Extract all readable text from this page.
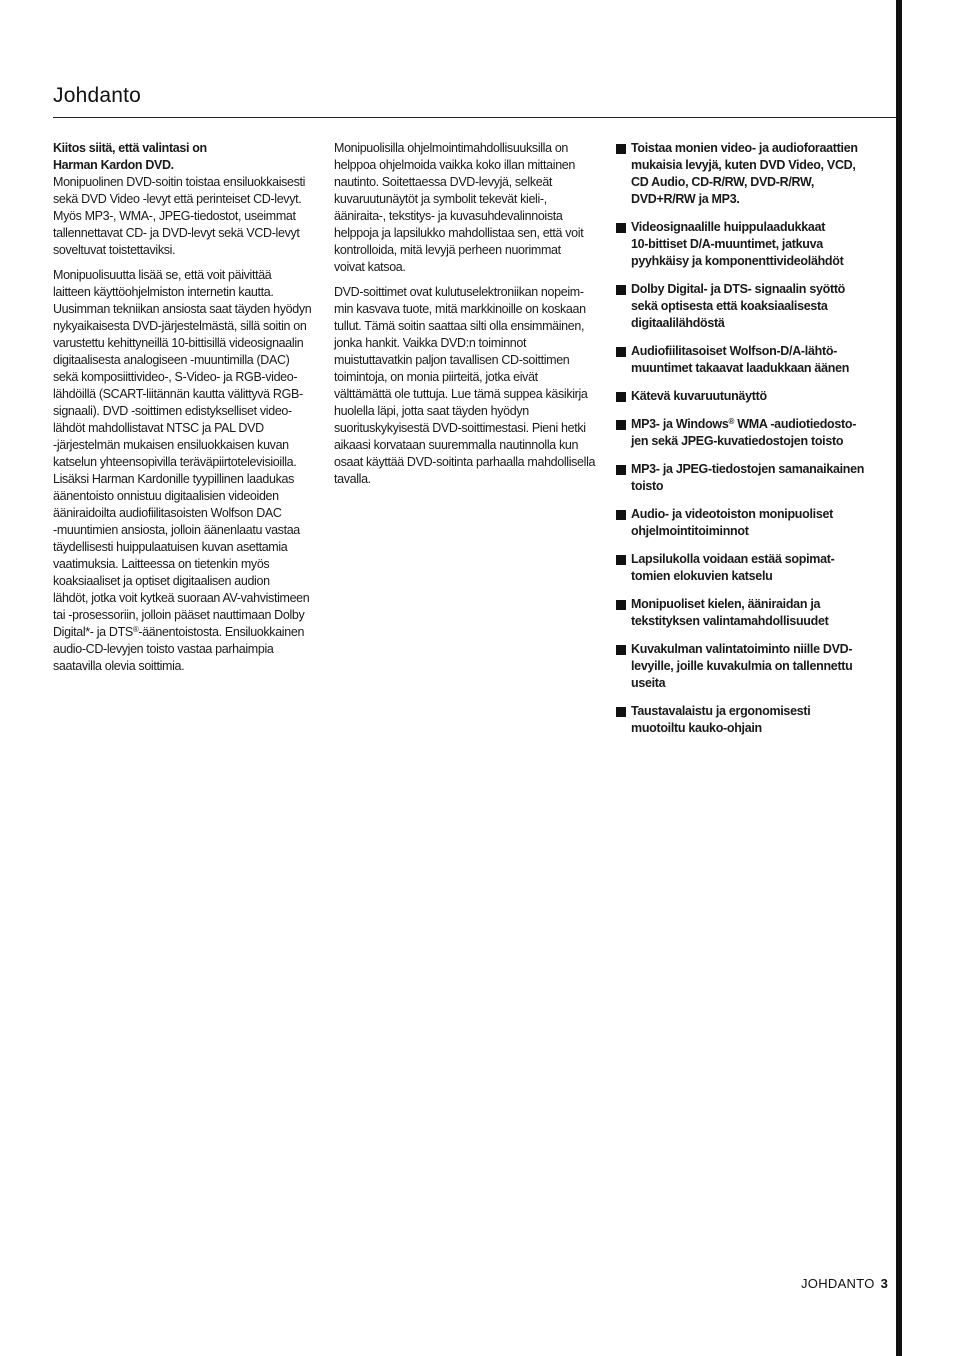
Johdanto
Kiitos siitä, että valintasi on
Harman Kardon DVD.
Monipuolinen DVD-soitin toistaa ensiluokkaisesti
sekä DVD Video -levyt että perinteiset CD-levyt.
Myös MP3-, WMA-, JPEG-tiedostot, useimmat
tallennettavat CD- ja DVD-levyt sekä VCD-levyt
soveltuvat toistettaviksi.
Monipuolisuutta lisää se, että voit päivittää
laitteen käyttöohjelmiston internetin kautta.
Uusimman tekniikan ansiosta saat täyden hyödyn
nykyaikaisesta DVD-järjestelmästä, sillä soitin on
varustettu kehittyneillä 10-bittisillä videosignaalin
digitaalisesta analogiseen -muuntimilla (DAC)
sekä komposiittivideo-, S-Video- ja RGB-video-
lähdöillä (SCART-liitännän kautta välittyvä RGB-
signaali). DVD -soittimen edistykselliset video-
lähdöt mahdollistavat NTSC ja PAL DVD
-järjestelmän mukaisen ensiluokkaisen kuvan
katselun yhteensopivilla teräväpiirtotelevisioilla.
Lisäksi Harman Kardonille tyypillinen laadukas
äänentoisto onnistuu digitaalisien videoiden
ääniraidoilta audiofiilitasoisten Wolfson DAC
-muuntimien ansiosta, jolloin äänenlaatu vastaa
täydellisesti huippulaatuisen kuvan asettamia
vaatimuksia. Laitteessa on tietenkin myös
koaksiaaliset ja optiset digitaalisen audion
lähdöt, jotka voit kytkeä suoraan AV-vahvistimeen
tai -prosessoriin, jolloin pääset nauttimaan Dolby
Digital*- ja DTS®-äänentoistosta. Ensiluokkainen
audio-CD-levyjen toisto vastaa parhaimpia
saatavilla olevia soittimia.
Monipuolisilla ohjelmointimahdollisuuksilla on
helppoa ohjelmoida vaikka koko illan mittainen
nautinto. Soitettaessa DVD-levyjä, selkeät
kuvaruutunäytöt ja symbolit tekevät kieli-,
ääniraita-, tekstitys- ja kuvasuhdevalinnoista
helppoja ja lapsilukko mahdollistaa sen, että voit
kontrolloida, mitä levyjä perheen nuorimmat
voivat katsoa.
DVD-soittimet ovat kulutuselektroniikan nopeim-
min kasvava tuote, mitä markkinoille on koskaan
tullut. Tämä soitin saattaa silti olla ensimmäinen,
jonka hankit. Vaikka DVD:n toiminnot
muistuttavatkin paljon tavallisen CD-soittimen
toimintoja, on monia piirteitä, jotka eivät
välttämättä ole tuttuja. Lue tämä suppea käsikirja
huolella läpi, jotta saat täyden hyödyn
suorituskykyisestä DVD-soittimestasi. Pieni hetki
aikaasi korvataan suuremmalla nautinnolla kun
osaat käyttää DVD-soitinta parhaalla mahdollisella
tavalla.
Toistaa monien video- ja audioforaattien
mukaisia levyjä, kuten DVD Video, VCD,
CD Audio, CD-R/RW, DVD-R/RW,
DVD+R/RW ja MP3.
Videosignaalille huippulaadukkaat
10-bittiset D/A-muuntimet, jatkuva
pyyhkäisy ja komponenttivideolähdöt
Dolby Digital- ja DTS- signaalin syöttö
sekä optisesta että koaksiaalisesta
digitaalilähdöstä
Audiofiilitasoiset Wolfson-D/A-lähtö-
muuntimet takaavat laadukkaan äänen
Kätevä kuvaruutunäyttö
MP3- ja Windows® WMA -audiotiedosto-
jen sekä JPEG-kuvatiedostojen toisto
MP3- ja JPEG-tiedostojen samanaikainen
toisto
Audio- ja videotoiston monipuoliset
ohjelmointitoiminnot
Lapsilukolla voidaan estää sopimat-
tomien elokuvien katselu
Monipuoliset kielen, ääniraidan ja
tekstityksen valintamahdollisuudet
Kuvakulman valintatoiminto niille DVD-
levyille, joille kuvakulmia on tallennettu
useita
Taustavalaistu ja ergonomisesti
muotoiltu kauko-ohjain
JOHDANTO 3
